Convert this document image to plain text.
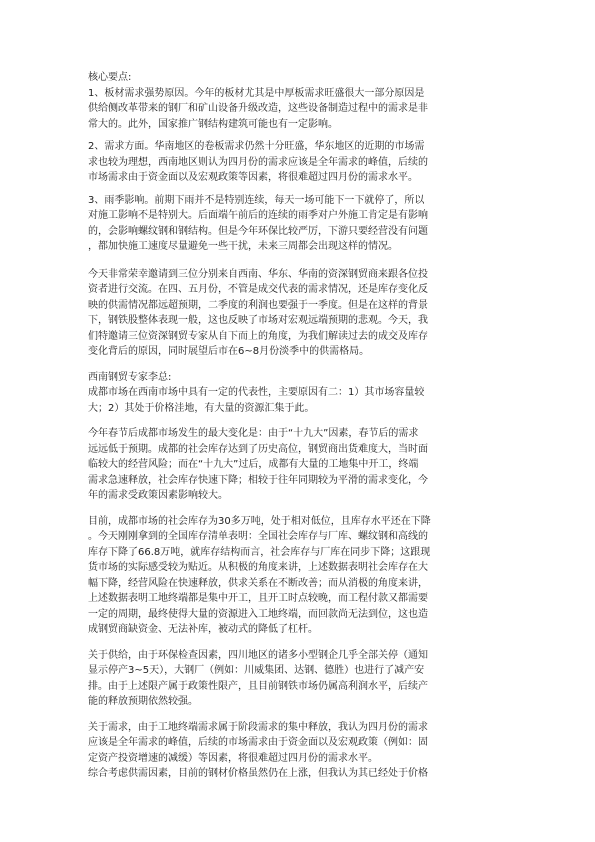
核心要点:
1、板材需求强势原因。今年的板材尤其是中厚板需求旺盛很大一部分原因是
供给侧改革带来的钢厂和矿山设备升级改造，这些设备制造过程中的需求是非
常大的。此外，国家推广钢结构建筑可能也有一定影响。
2、需求方面。华南地区的卷板需求仍然十分旺盛，华东地区的近期的市场需
求也较为理想，西南地区则认为四月份的需求应该是全年需求的峰值，后续的
市场需求由于资金面以及宏观政策等因素，将很难超过四月份的需求水平。
3、雨季影响。前期下雨并不是特别连续，每天一场可能下一下就停了，所以
对施工影响不是特别大。后面端午前后的连续的雨季对户外施工肯定是有影响
的，会影响螺纹钢和钢结构。但是今年环保比较严厉，下游只要经营没有问题
，都加快施工速度尽量避免一些干扰，未来三周都会出现这样的情况。
今天非常荣幸邀请到三位分别来自西南、华东、华南的资深钢贸商来跟各位投
资者进行交流。在四、五月份，不管是成交代表的需求情况，还是库存变化反
映的供需情况都远超预期，二季度的利润也要强于一季度。但是在这样的背景
下，钢铁股整体表现一般，这也反映了市场对宏观远端预期的悲观。今天，我
们特邀请三位资深钢贸专家从自下而上的角度，为我们解读过去的成交及库存
变化背后的原因，同时展望后市在6~8月份淡季中的供需格局。
西南钢贸专家李总:
成都市场在西南市场中具有一定的代表性，主要原因有二：1）其市场容量较
大；2）其处于价格洼地，有大量的资源汇集于此。
今年春节后成都市场发生的最大变化是：由于“十九大”因素，春节后的需求
远远低于预期。成都的社会库存达到了历史高位，钢贸商出货难度大，当时面
临较大的经营风险；而在“十九大”过后，成都有大量的工地集中开工，终端
需求急速释放，社会库存快速下降；相较于往年同期较为平滑的需求变化，今
年的需求受政策因素影响较大。
目前，成都市场的社会库存为30多万吨，处于相对低位，且库存水平还在下降
。今天刚刚拿到的全国库存清单表明：全国社会库存与厂库、螺纹钢和高线的
库存下降了66.8万吨，就库存结构而言，社会库存与厂库在同步下降；这跟现
货市场的实际感受较为贴近。从积极的角度来讲，上述数据表明社会库存在大
幅下降，经营风险在快速释放，供求关系在不断改善；而从消极的角度来讲，
上述数据表明工地终端都是集中开工，且开工时点较晚，而工程付款又都需要
一定的周期，最终使得大量的资源进入工地终端，而回款尚无法到位，这也造
成钢贸商缺资金、无法补库，被动式的降低了杠杆。
关于供给，由于环保检查因素，四川地区的诸多小型钢企几乎全部关停（通知
显示停产3~5天），大钢厂（例如：川威集团、达钢、德胜）也进行了减产安
排。由于上述限产属于政策性限产，且目前钢铁市场仍属高利润水平，后续产
能的释放预期依然较强。
关于需求，由于工地终端需求属于阶段需求的集中释放，我认为四月份的需求
应该是全年需求的峰值，后续的市场需求由于资金面以及宏观政策（例如：固
定资产投资增速的减缓）等因素，将很难超过四月份的需求水平。
综合考虑供需因素，目前的钢材价格虽然仍在上涨，但我认为其已经处于价格
